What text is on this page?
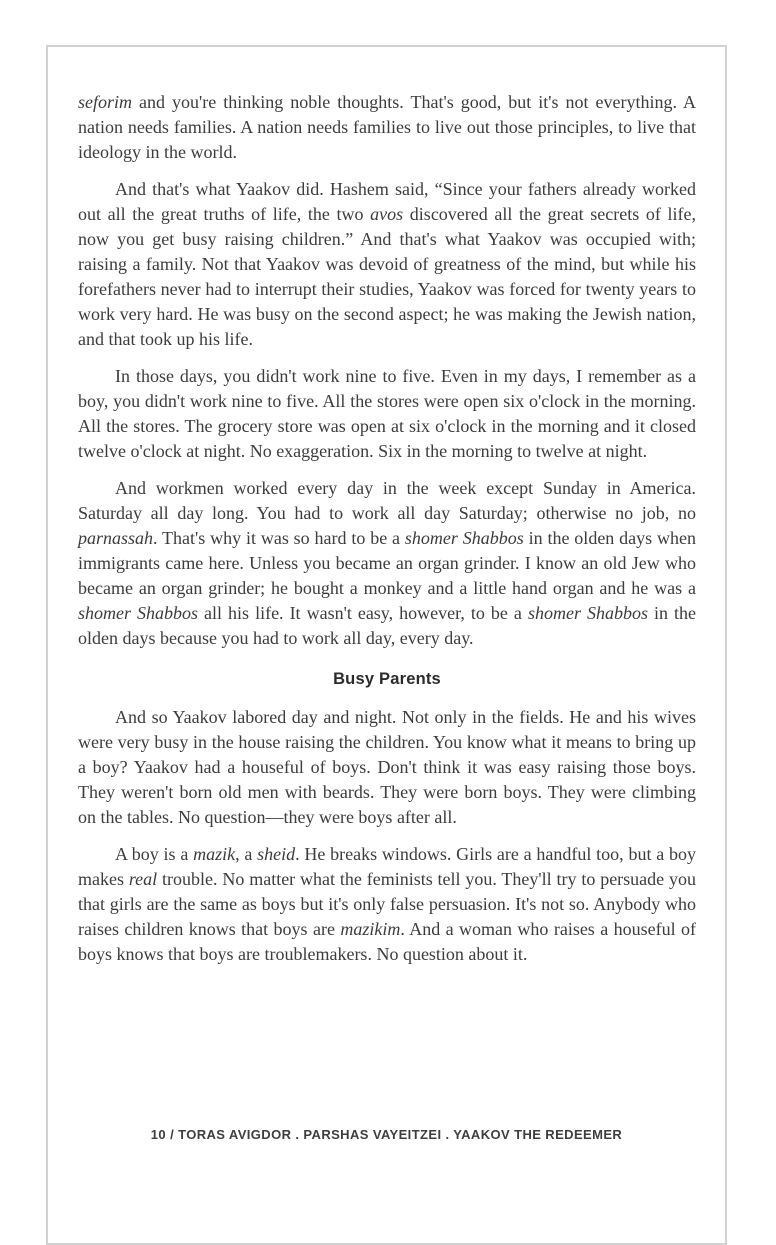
seforim and you're thinking noble thoughts. That's good, but it's not everything. A nation needs families. A nation needs families to live out those principles, to live that ideology in the world.

And that's what Yaakov did. Hashem said, “Since your fathers already worked out all the great truths of life, the two avos discovered all the great secrets of life, now you get busy raising children.” And that's what Yaakov was occupied with; raising a family. Not that Yaakov was devoid of greatness of the mind, but while his forefathers never had to interrupt their studies, Yaakov was forced for twenty years to work very hard. He was busy on the second aspect; he was making the Jewish nation, and that took up his life.

In those days, you didn't work nine to five. Even in my days, I remember as a boy, you didn't work nine to five. All the stores were open six o'clock in the morning. All the stores. The grocery store was open at six o'clock in the morning and it closed twelve o'clock at night. No exaggeration. Six in the morning to twelve at night.

And workmen worked every day in the week except Sunday in America. Saturday all day long. You had to work all day Saturday; otherwise no job, no parnassah. That's why it was so hard to be a shomer Shabbos in the olden days when immigrants came here. Unless you became an organ grinder. I know an old Jew who became an organ grinder; he bought a monkey and a little hand organ and he was a shomer Shabbos all his life. It wasn't easy, however, to be a shomer Shabbos in the olden days because you had to work all day, every day.

Busy Parents

And so Yaakov labored day and night. Not only in the fields. He and his wives were very busy in the house raising the children. You know what it means to bring up a boy? Yaakov had a houseful of boys. Don't think it was easy raising those boys. They weren't born old men with beards. They were born boys. They were climbing on the tables. No question—they were boys after all.

A boy is a mazik, a sheid. He breaks windows. Girls are a handful too, but a boy makes real trouble. No matter what the feminists tell you. They'll try to persuade you that girls are the same as boys but it's only false persuasion. It's not so. Anybody who raises children knows that boys are mazikim. And a woman who raises a houseful of boys knows that boys are troublemakers. No question about it.

10 / TORAS AVIGDOR . PARSHAS VAYEITZEI . YAAKOV THE REDEEMER
